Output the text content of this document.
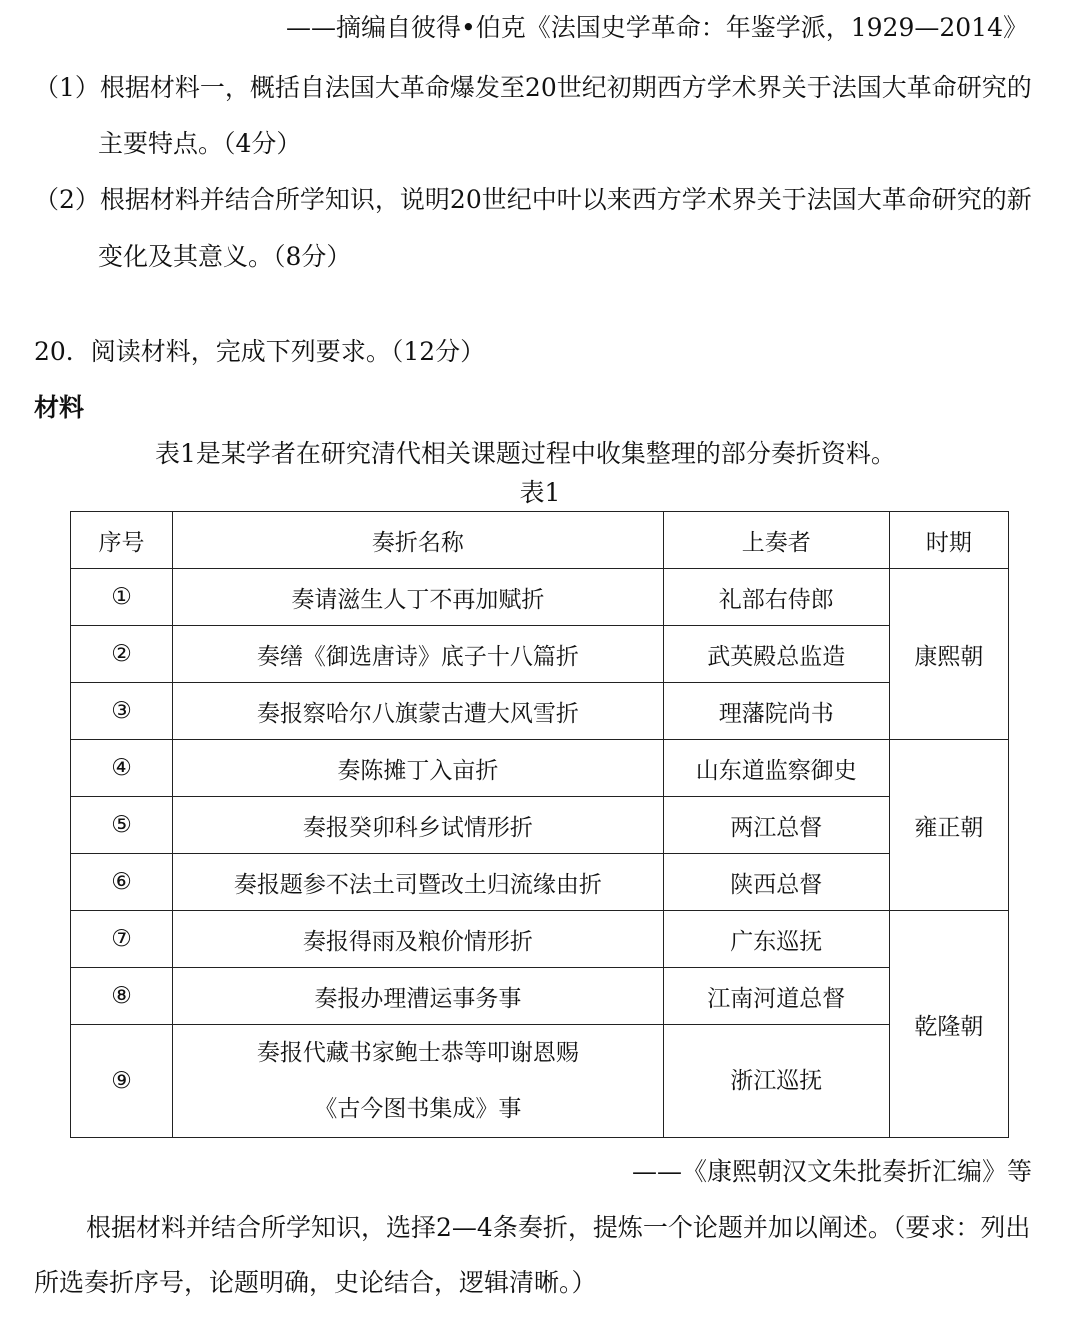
——摘编自彼得•伯克《法国史学革命：年鉴学派，1929—2014》
（1）根据材料一，概括自法国大革命爆发至20世纪初期西方学术界关于法国大革命研究的
主要特点。（4分）
（2）根据材料并结合所学知识，说明20世纪中叶以来西方学术界关于法国大革命研究的新
变化及其意义。（8分）
20．阅读材料，完成下列要求。（12分）
材料
表1是某学者在研究清代相关课题过程中收集整理的部分奏折资料。
表1
序号	奏折名称	上奏者	时期
①	奏请滋生人丁不再加赋折	礼部右侍郎	康熙朝
②	奏缮《御选唐诗》底子十八篇折	武英殿总监造	
③	奏报察哈尔八旗蒙古遭大风雪折	理藩院尚书	
④	奏陈摊丁入亩折	山东道监察御史	雍正朝
⑤	奏报癸卯科乡试情形折	两江总督	
⑥	奏报题参不法土司暨改土归流缘由折	陕西总督	
⑦	奏报得雨及粮价情形折	广东巡抚	乾隆朝
⑧	奏报办理漕运事务事	江南河道总督	
⑨	奏报代藏书家鲍士恭等叩谢恩赐
《古今图书集成》事	浙江巡抚	
——《康熙朝汉文朱批奏折汇编》等
根据材料并结合所学知识，选择2—4条奏折，提炼一个论题并加以阐述。（要求：列出
所选奏折序号，论题明确，史论结合，逻辑清晰。）
